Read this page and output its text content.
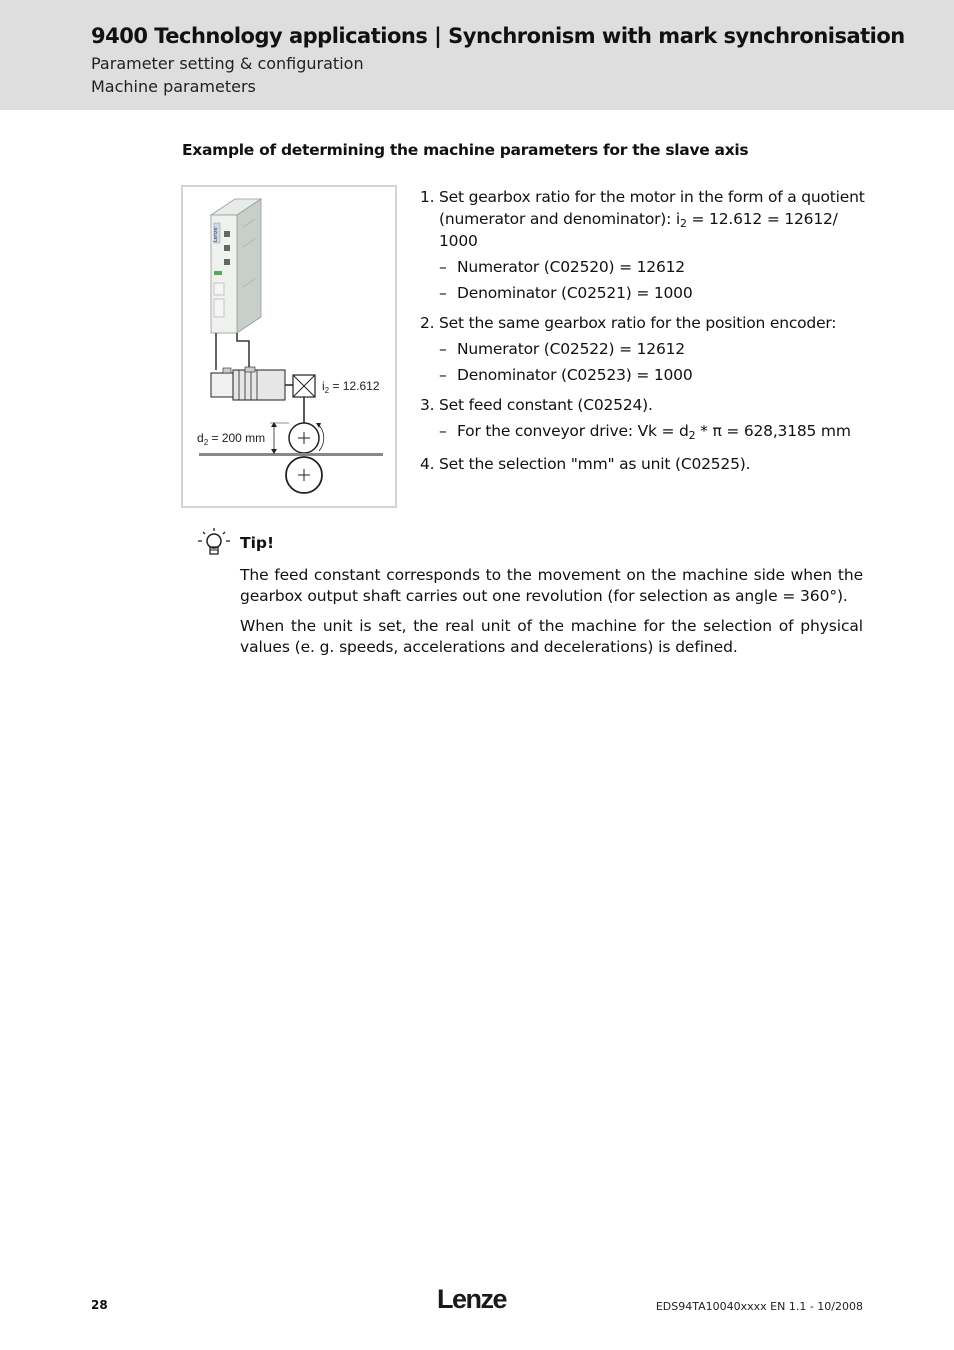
9400 Technology applications | Synchronism with mark synchronisation
Parameter setting & configuration
Machine parameters
Example of determining the machine parameters for the slave axis
Lenze
$i_2 = 12.612$
$d_2 = 200$ mm
1. Set gearbox ratio for the motor in the form of a quotient (numerator and denominator): $i_2 = 12.612 = 12612/$ 1000
– Numerator (C02520) = 12612
– Denominator (C02521) = 1000
2. Set the same gearbox ratio for the position encoder:
– Numerator (C02522) = 12612
– Denominator (C02523) = 1000
3. Set feed constant (C02524).
– For the conveyor drive: $Vk = d_2 * \pi = 628,3185$ mm
4. Set the selection "mm" as unit (C02525).
Tip!
The feed constant corresponds to the movement on the machine side when the gearbox output shaft carries out one revolution (for selection as angle = 360°).
When the unit is set, the real unit of the machine for the selection of physical values (e. g. speeds, accelerations and decelerations) is defined.
28	Lenze	EDS94TA10040xxxx EN 1.1 - 10/2008
